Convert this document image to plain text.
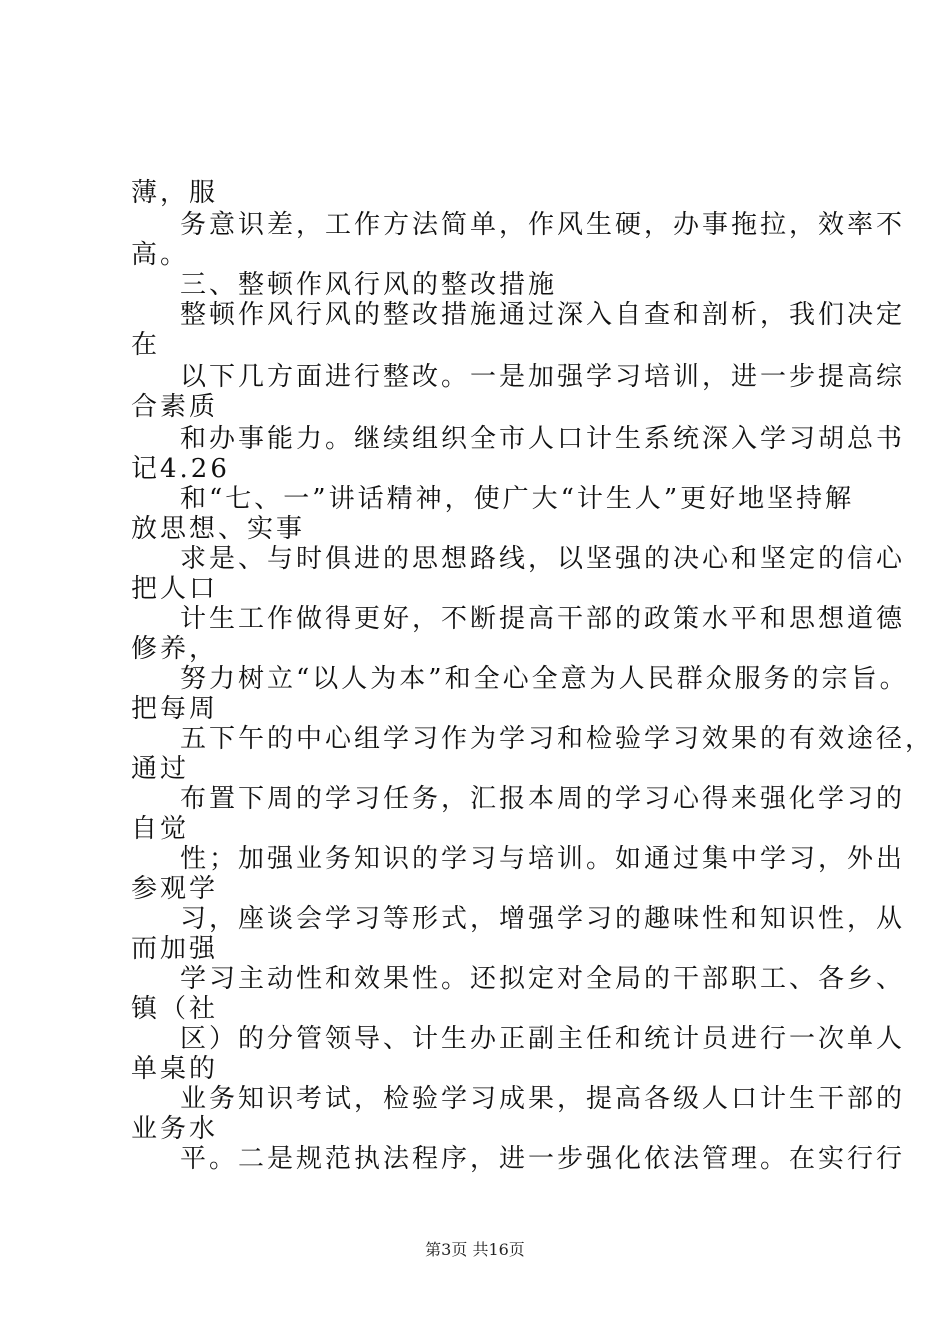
薄，服
务意识差，工作方法简单，作风生硬，办事拖拉，效率不
高。
三、整顿作风行风的整改措施
整顿作风行风的整改措施通过深入自查和剖析，我们决定
在
以下几方面进行整改。一是加强学习培训，进一步提高综
合素质
和办事能力。继续组织全市人口计生系统深入学习胡总书
记4.26
和“七、一”讲话精神，使广大“计生人”更好地坚持解
放思想、实事
求是、与时俱进的思想路线，以坚强的决心和坚定的信心
把人口
计生工作做得更好，不断提高干部的政策水平和思想道德
修养，
努力树立“以人为本”和全心全意为人民群众服务的宗旨。
把每周
五下午的中心组学习作为学习和检验学习效果的有效途径，
通过
布置下周的学习任务，汇报本周的学习心得来强化学习的
自觉
性；加强业务知识的学习与培训。如通过集中学习，外出
参观学
习，座谈会学习等形式，增强学习的趣味性和知识性，从
而加强
学习主动性和效果性。还拟定对全局的干部职工、各乡、
镇（社
区）的分管领导、计生办正副主任和统计员进行一次单人
单桌的
业务知识考试，检验学习成果，提高各级人口计生干部的
业务水
平。二是规范执法程序，进一步强化依法管理。在实行行
第3页 共16页
